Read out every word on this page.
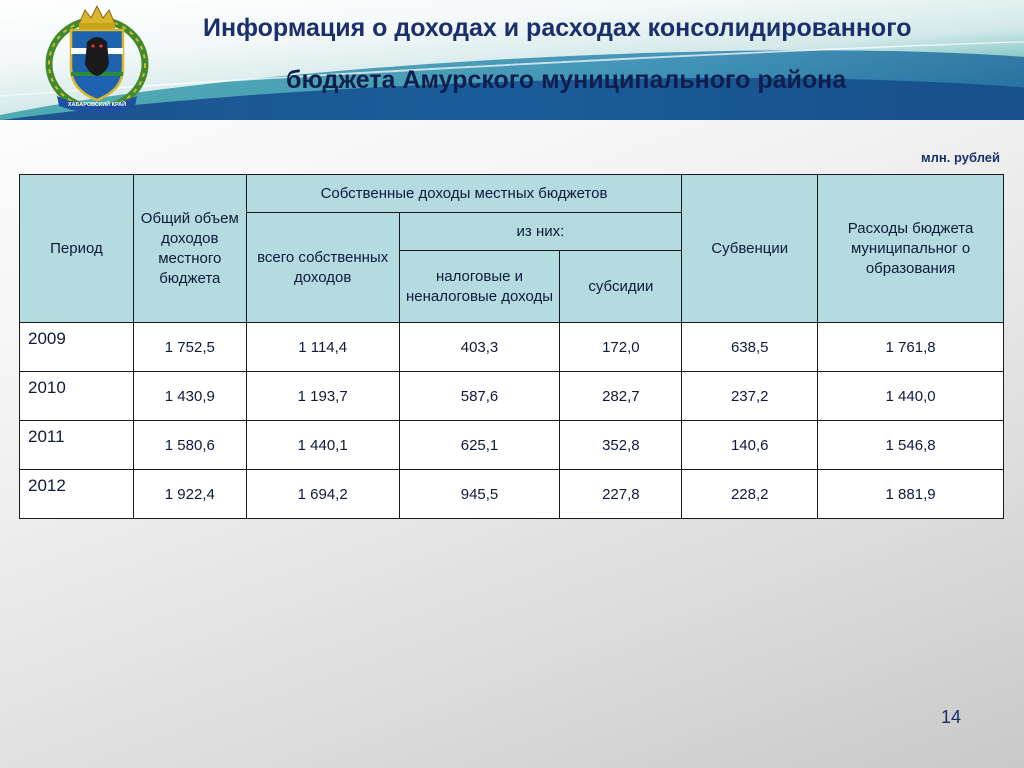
ХАБАРОВСКИЙ КРАЙ
Информация о доходах и расходах консолидированного
бюджета Амурского муниципального района
млн. рублей
Период	Общий объем доходов местного бюджета	Собственные доходы местных бюджетов			Субвенции	Расходы бюджета муниципальног о образования
		всего собственных доходов	из них:			
			налоговые и неналоговые доходы	субсидии		
2009	1 752,5	1 114,4	403,3	172,0	638,5	1 761,8
2010	1 430,9	1 193,7	587,6	282,7	237,2	1 440,0
2011	1 580,6	1 440,1	625,1	352,8	140,6	1 546,8
2012	1 922,4	1 694,2	945,5	227,8	228,2	1 881,9
14
